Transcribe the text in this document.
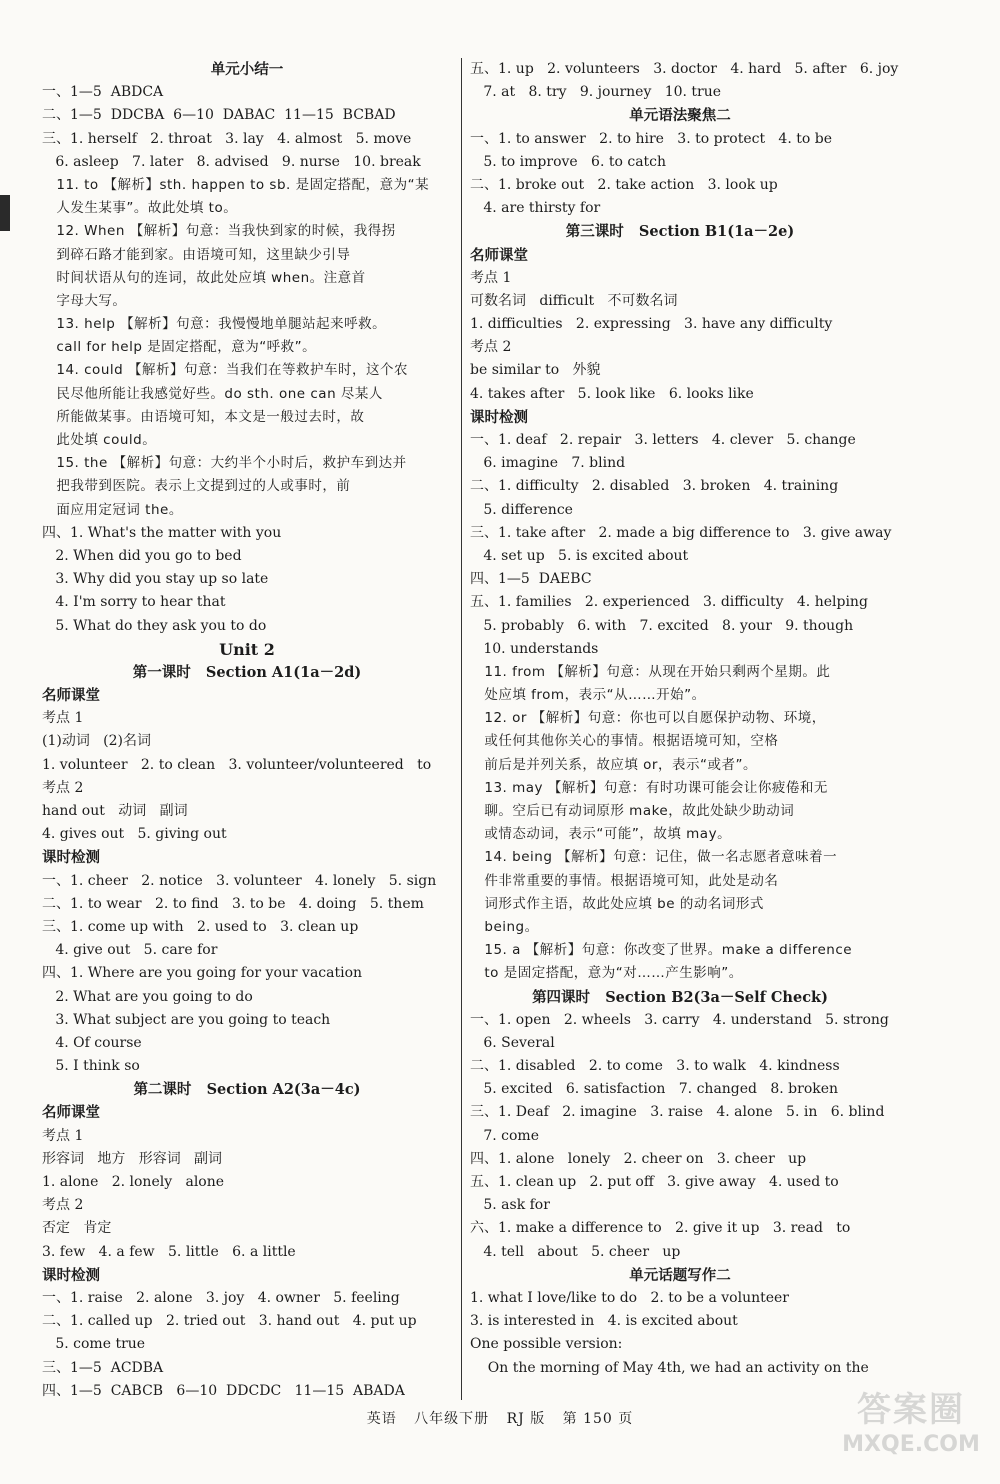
单元小结一
一、1—5  ABDCA
二、1—5  DDCBA  6—10  DABAC  11—15  BCBAD
三、1. herself   2. throat   3. lay   4. almost   5. move
6. asleep   7. later   8. advised   9. nurse   10. break
11. to 【解析】sth. happen to sb. 是固定搭配，意为“某
人发生某事”。故此处填 to。
12. When 【解析】句意：当我快到家的时候，我得拐
到碎石路才能到家。由语境可知，这里缺少引导
时间状语从句的连词，故此处应填 when。注意首
字母大写。
13. help 【解析】句意：我慢慢地单腿站起来呼救。
call for help 是固定搭配，意为“呼救”。
14. could 【解析】句意：当我们在等救护车时，这个农
民尽他所能让我感觉好些。do sth. one can 尽某人
所能做某事。由语境可知，本文是一般过去时，故
此处填 could。
15. the 【解析】句意：大约半个小时后，救护车到达并
把我带到医院。表示上文提到过的人或事时，前
面应用定冠词 the。
四、1. What's the matter with you
2. When did you go to bed
3. Why did you stay up so late
4. I'm sorry to hear that
5. What do they ask you to do
Unit 2
第一课时   Section A1(1a－2d)
名师课堂
考点 1
(1)动词   (2)名词
1. volunteer   2. to clean   3. volunteer/volunteered   to
考点 2
hand out   动词   副词
4. gives out   5. giving out
课时检测
一、1. cheer   2. notice   3. volunteer   4. lonely   5. sign
二、1. to wear   2. to find   3. to be   4. doing   5. them
三、1. come up with   2. used to   3. clean up
4. give out   5. care for
四、1. Where are you going for your vacation
2. What are you going to do
3. What subject are you going to teach
4. Of course
5. I think so
第二课时   Section A2(3a－4c)
名师课堂
考点 1
形容词   地方   形容词   副词
1. alone   2. lonely   alone
考点 2
否定   肯定
3. few   4. a few   5. little   6. a little
课时检测
一、1. raise   2. alone   3. joy   4. owner   5. feeling
二、1. called up   2. tried out   3. hand out   4. put up
5. come true
三、1—5  ACDBA
四、1—5  CABCB   6—10  DDCDC   11—15  ABADA
五、1. up   2. volunteers   3. doctor   4. hard   5. after   6. joy
7. at   8. try   9. journey   10. true
单元语法聚焦二
一、1. to answer   2. to hire   3. to protect   4. to be
5. to improve   6. to catch
二、1. broke out   2. take action   3. look up
4. are thirsty for
第三课时   Section B1(1a－2e)
名师课堂
考点 1
可数名词   difficult   不可数名词
1. difficulties   2. expressing   3. have any difficulty
考点 2
be similar to   外貌
4. takes after   5. look like   6. looks like
课时检测
一、1. deaf   2. repair   3. letters   4. clever   5. change
6. imagine   7. blind
二、1. difficulty   2. disabled   3. broken   4. training
5. difference
三、1. take after   2. made a big difference to   3. give away
4. set up   5. is excited about
四、1—5  DAEBC
五、1. families   2. experienced   3. difficulty   4. helping
5. probably   6. with   7. excited   8. your   9. though
10. understands
11. from 【解析】句意：从现在开始只剩两个星期。此
处应填 from，表示“从……开始”。
12. or 【解析】句意：你也可以自愿保护动物、环境，
或任何其他你关心的事情。根据语境可知，空格
前后是并列关系，故应填 or，表示“或者”。
13. may 【解析】句意：有时功课可能会让你疲倦和无
聊。空后已有动词原形 make，故此处缺少助动词
或情态动词，表示“可能”，故填 may。
14. being 【解析】句意：记住，做一名志愿者意味着一
件非常重要的事情。根据语境可知，此处是动名
词形式作主语，故此处应填 be 的动名词形式
being。
15. a 【解析】句意：你改变了世界。make a difference
to 是固定搭配，意为“对……产生影响”。
第四课时   Section B2(3a－Self Check)
一、1. open   2. wheels   3. carry   4. understand   5. strong
6. Several
二、1. disabled   2. to come   3. to walk   4. kindness
5. excited   6. satisfaction   7. changed   8. broken
三、1. Deaf   2. imagine   3. raise   4. alone   5. in   6. blind
7. come
四、1. alone   lonely   2. cheer on   3. cheer   up
五、1. clean up   2. put off   3. give away   4. used to
5. ask for
六、1. make a difference to   2. give it up   3. read   to
4. tell   about   5. cheer   up
单元话题写作二
1. what I love/like to do   2. to be a volunteer
3. is interested in   4. is excited about
One possible version:
On the morning of May 4th, we had an activity on the
英语 八年级下册 RJ 版 第 150 页	答案圈
MXQE.COM
